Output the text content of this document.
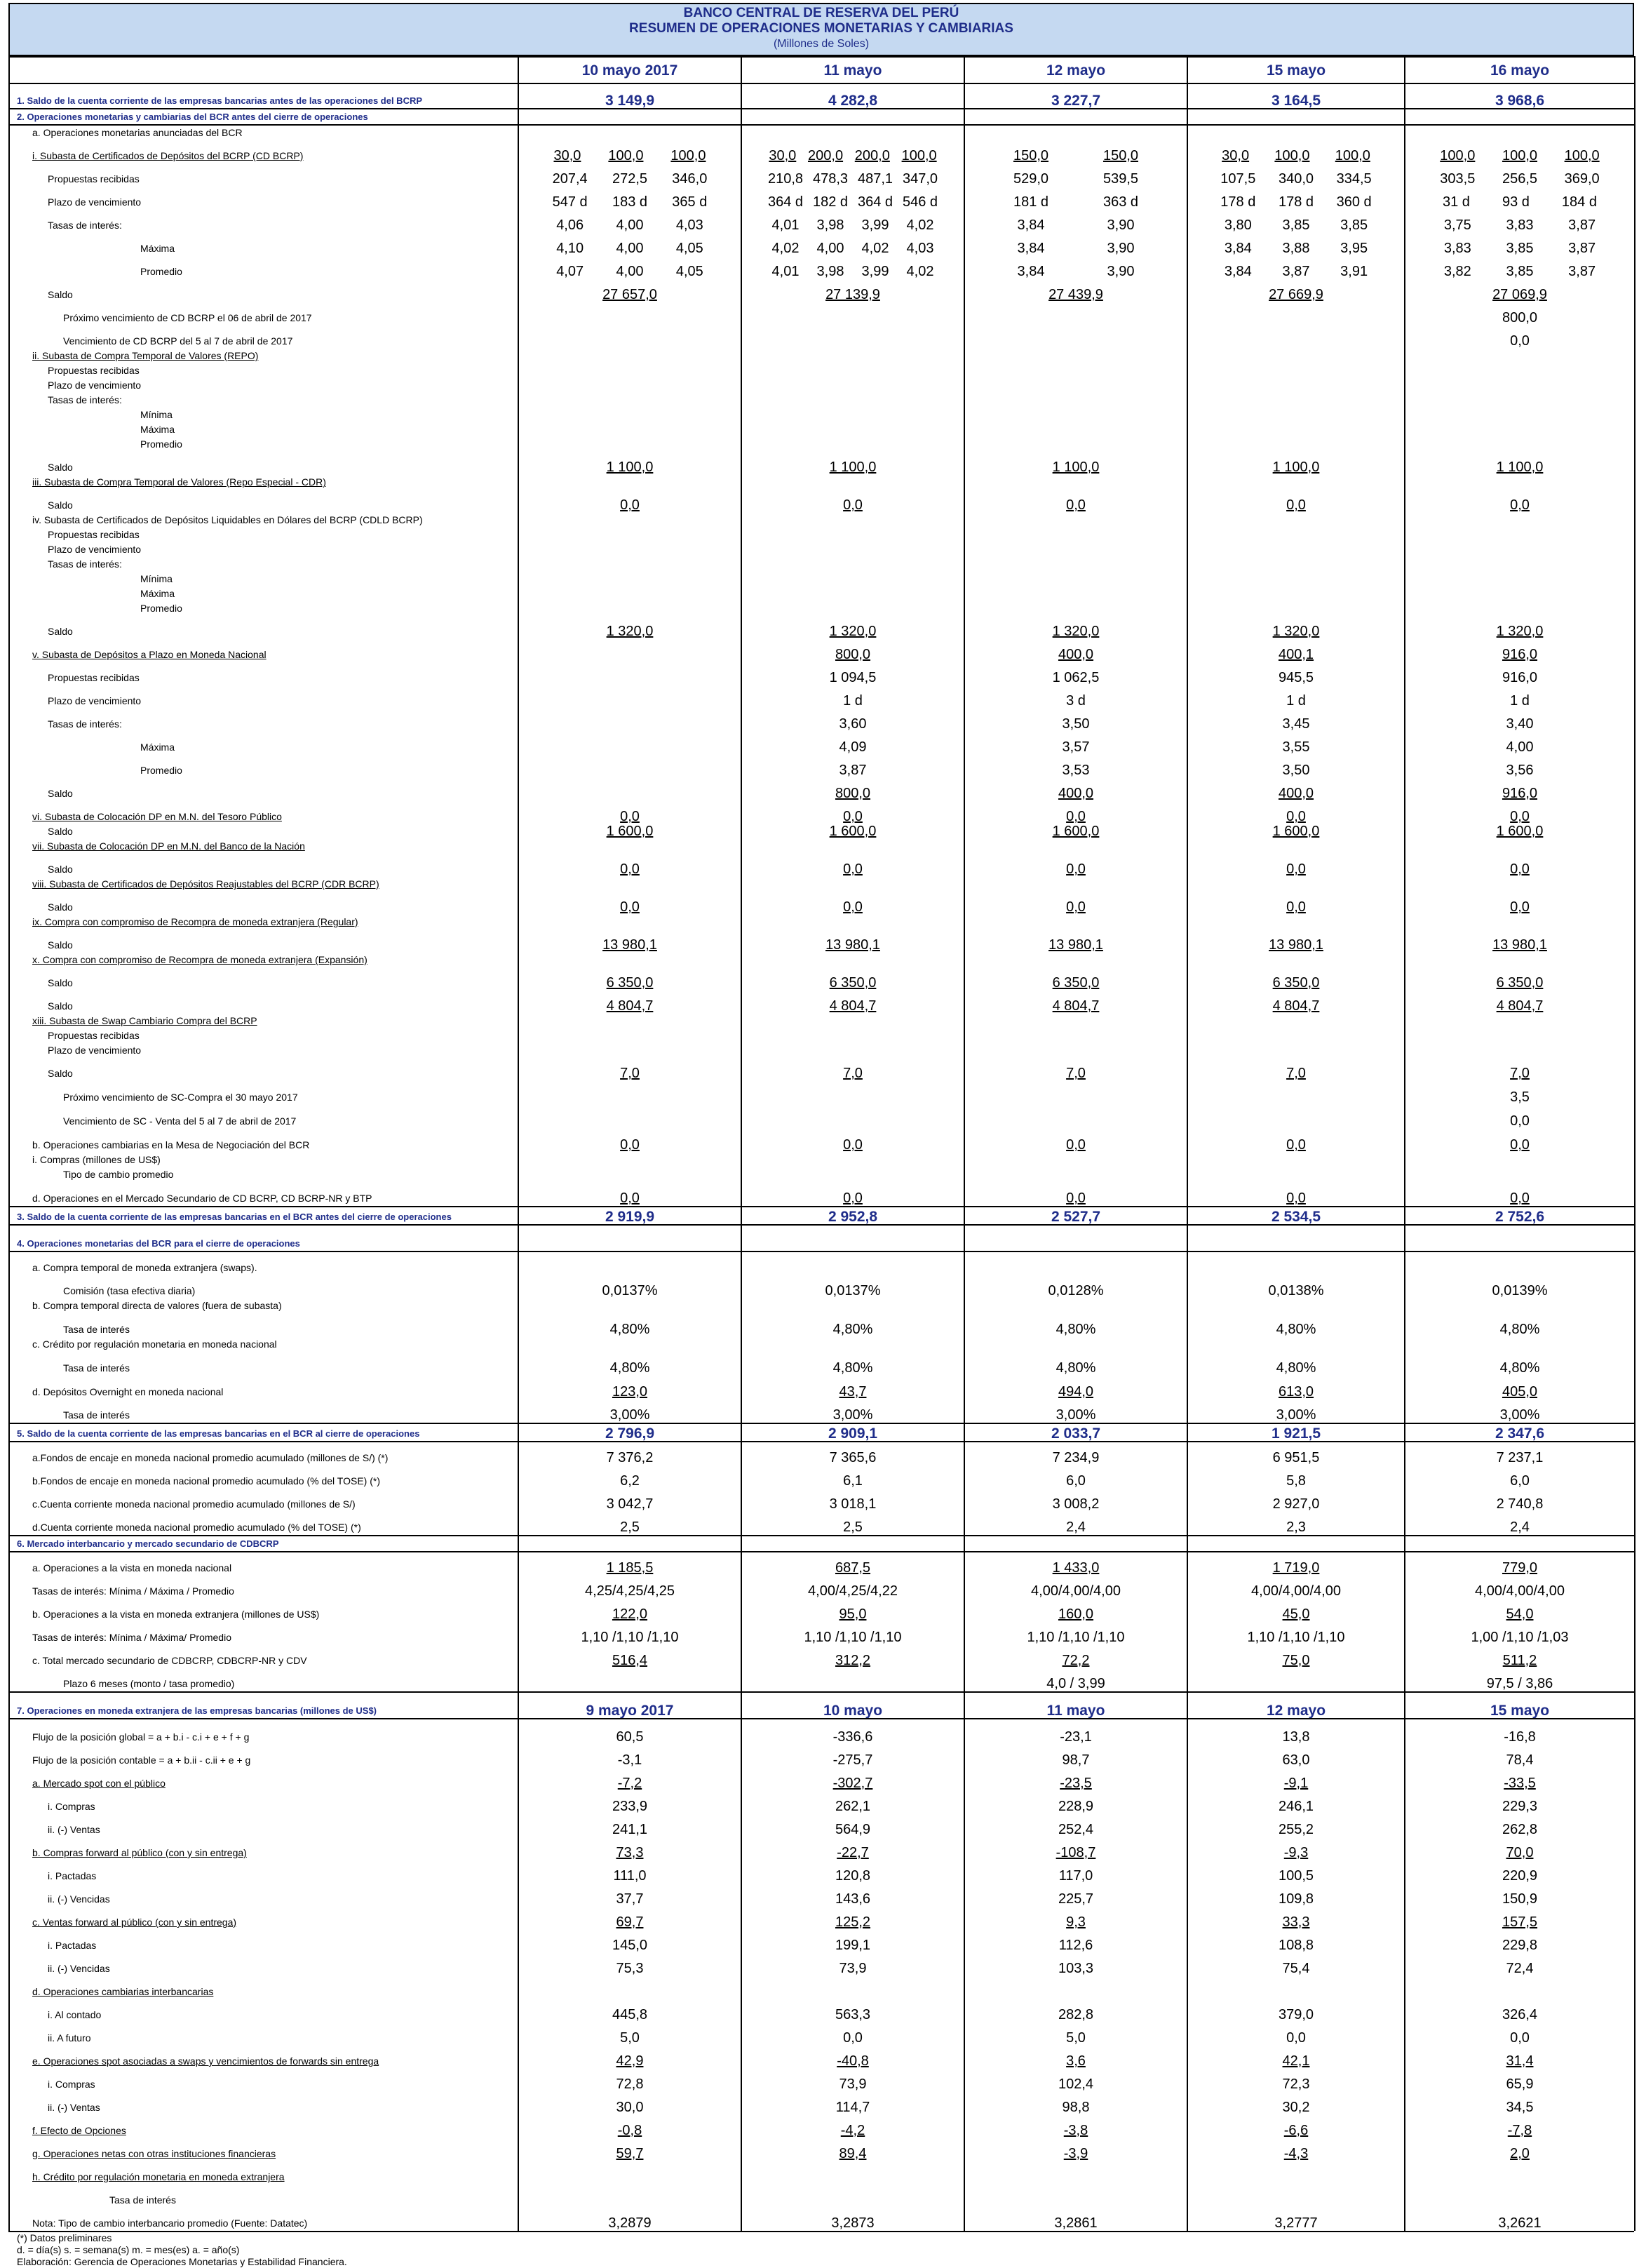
BANCO CENTRAL DE RESERVA DEL PERÚ
RESUMEN DE OPERACIONES MONETARIAS Y CAMBIARIAS
(Millones de Soles)
	10 mayo 2017	11 mayo	12 mayo	15 mayo	16 mayo
1. Saldo de la cuenta corriente de las empresas bancarias antes de las operaciones del BCRP	3 149,9	4 282,8	3 227,7	3 164,5	3 968,6
2. Operaciones monetarias y cambiarias del BCR antes del cierre de operaciones					
a. Operaciones monetarias anunciadas del BCR					
i. Subasta de Certificados de Depósitos del BCRP (CD BCRP)	30,0 100,0 100,0	30,0 200,0 200,0 100,0	150,0 150,0	30,0 100,0 100,0	100,0 100,0 100,0

Propuestas recibidas	207,4 272,5 346,0	210,8 478,3 487,1 347,0	529,0 539,5	107,5 340,0 334,5	303,5 256,5 369,0

Plazo de vencimiento	547 d 183 d 365 d	364 d 182 d 364 d 546 d	181 d 363 d	178 d 178 d 360 d	31 d 93 d 184 d

Tasas de interés:	4,06 4,00 4,03	4,01 3,98 3,99 4,02	3,84 3,90	3,80 3,85 3,85	3,75 3,83 3,87

Máxima	4,10 4,00 4,05	4,02 4,00 4,02 4,03	3,84 3,90	3,84 3,88 3,95	3,83 3,85 3,87

Promedio	4,07 4,00 4,05	4,01 3,98 3,99 4,02	3,84 3,90	3,84 3,87 3,91	3,82 3,85 3,87

Saldo	27 657,0	27 139,9	27 439,9	27 669,9	27 069,9
Próximo vencimiento de CD BCRP el 06 de abril de 2017					800,0
Vencimiento de CD BCRP del 5 al 7 de abril de 2017					0,0
ii. Subasta de Compra Temporal de Valores (REPO)					
Propuestas recibidas					
Plazo de vencimiento					
Tasas de interés:					
Mínima					
Máxima					
Promedio					
Saldo	1 100,0	1 100,0	1 100,0	1 100,0	1 100,0
iii. Subasta de Compra Temporal de Valores (Repo Especial - CDR)					
Saldo	0,0	0,0	0,0	0,0	0,0
iv. Subasta de Certificados de Depósitos Liquidables en Dólares del BCRP (CDLD BCRP)					
Propuestas recibidas					
Plazo de vencimiento					
Tasas de interés:					
Mínima					
Máxima					
Promedio					
Saldo	1 320,0	1 320,0	1 320,0	1 320,0	1 320,0
v. Subasta de Depósitos a Plazo en Moneda Nacional		800,0	400,0	400,1	916,0
Propuestas recibidas		1 094,5	1 062,5	945,5	916,0
Plazo de vencimiento		1 d	3 d	1 d	1 d
Tasas de interés:		3,60	3,50	3,45	3,40
Máxima		4,09	3,57	3,55	4,00
Promedio		3,87	3,53	3,50	3,56
Saldo		800,0	400,0	400,0	916,0
vi. Subasta de Colocación DP en M.N. del Tesoro Público	0,0	0,0	0,0	0,0	0,0
Saldo	1 600,0	1 600,0	1 600,0	1 600,0	1 600,0
vii. Subasta de Colocación DP en M.N. del Banco de la Nación					
Saldo	0,0	0,0	0,0	0,0	0,0
viii. Subasta de Certificados de Depósitos Reajustables del BCRP (CDR BCRP)					
Saldo	0,0	0,0	0,0	0,0	0,0
ix. Compra con compromiso de Recompra de moneda extranjera (Regular)					
Saldo	13 980,1	13 980,1	13 980,1	13 980,1	13 980,1
x. Compra con compromiso de Recompra de moneda extranjera (Expansión)					
Saldo	6 350,0	6 350,0	6 350,0	6 350,0	6 350,0
Saldo	4 804,7	4 804,7	4 804,7	4 804,7	4 804,7
xiii. Subasta de Swap Cambiario Compra del BCRP					
Propuestas recibidas					
Plazo de vencimiento					
Saldo	7,0	7,0	7,0	7,0	7,0
Próximo vencimiento de SC-Compra el 30 mayo 2017					3,5
Vencimiento de SC - Venta del 5 al 7 de abril de 2017					0,0
b. Operaciones cambiarias en la Mesa de Negociación del BCR	0,0	0,0	0,0	0,0	0,0
i. Compras (millones de US$)					
Tipo de cambio promedio					
d. Operaciones en el Mercado Secundario de CD BCRP, CD BCRP-NR y BTP	0,0	0,0	0,0	0,0	0,0
3. Saldo de la cuenta corriente de las empresas bancarias en el BCR antes del cierre de operaciones	2 919,9	2 952,8	2 527,7	2 534,5	2 752,6
4. Operaciones monetarias del BCR para el cierre de operaciones					
a. Compra temporal de moneda extranjera (swaps).					
Comisión (tasa efectiva diaria)	0,0137%	0,0137%	0,0128%	0,0138%	0,0139%
b. Compra temporal directa de valores (fuera de subasta)					
Tasa de interés	4,80%	4,80%	4,80%	4,80%	4,80%
c. Crédito por regulación monetaria en moneda nacional					
Tasa de interés	4,80%	4,80%	4,80%	4,80%	4,80%
d. Depósitos Overnight en moneda nacional	123,0	43,7	494,0	613,0	405,0
Tasa de interés	3,00%	3,00%	3,00%	3,00%	3,00%
5. Saldo de la cuenta corriente de las empresas bancarias en el BCR al cierre de operaciones	2 796,9	2 909,1	2 033,7	1 921,5	2 347,6
a.Fondos de encaje en moneda nacional promedio acumulado (millones de S/) (*)	7 376,2	7 365,6	7 234,9	6 951,5	7 237,1
b.Fondos de encaje en moneda nacional promedio acumulado (% del TOSE) (*)	6,2	6,1	6,0	5,8	6,0
c.Cuenta corriente moneda nacional promedio acumulado (millones de S/)	3 042,7	3 018,1	3 008,2	2 927,0	2 740,8
d.Cuenta corriente moneda nacional promedio acumulado (% del TOSE) (*)	2,5	2,5	2,4	2,3	2,4
6. Mercado interbancario y mercado secundario de CDBCRP					
a. Operaciones a la vista en moneda nacional	1 185,5	687,5	1 433,0	1 719,0	779,0
Tasas de interés: Mínima / Máxima / Promedio	4,25/4,25/4,25	4,00/4,25/4,22	4,00/4,00/4,00	4,00/4,00/4,00	4,00/4,00/4,00
b. Operaciones a la vista en moneda extranjera (millones de US$)	122,0	95,0	160,0	45,0	54,0
Tasas de interés: Mínima / Máxima/ Promedio	1,10 /1,10 /1,10	1,10 /1,10 /1,10	1,10 /1,10 /1,10	1,10 /1,10 /1,10	1,00 /1,10 /1,03
c. Total mercado secundario de CDBCRP, CDBCRP-NR y CDV	516,4	312,2	72,2	75,0	511,2
Plazo 6 meses (monto / tasa promedio)			4,0 / 3,99		97,5 / 3,86
7. Operaciones en moneda extranjera de las empresas bancarias (millones de US$)	9 mayo 2017	10 mayo	11 mayo	12 mayo	15 mayo
Flujo de la posición global = a + b.i - c.i + e + f + g	60,5	-336,6	-23,1	13,8	-16,8
Flujo de la posición contable = a + b.ii - c.ii + e + g	-3,1	-275,7	98,7	63,0	78,4
a. Mercado spot con el público	-7,2	-302,7	-23,5	-9,1	-33,5
i. Compras	233,9	262,1	228,9	246,1	229,3
ii. (-) Ventas	241,1	564,9	252,4	255,2	262,8
b. Compras forward al público (con y sin entrega)	73,3	-22,7	-108,7	-9,3	70,0
i. Pactadas	111,0	120,8	117,0	100,5	220,9
ii. (-) Vencidas	37,7	143,6	225,7	109,8	150,9
c. Ventas forward al público (con y sin entrega)	69,7	125,2	9,3	33,3	157,5
i. Pactadas	145,0	199,1	112,6	108,8	229,8
ii. (-) Vencidas	75,3	73,9	103,3	75,4	72,4
d. Operaciones cambiarias interbancarias					
i. Al contado	445,8	563,3	282,8	379,0	326,4
ii. A futuro	5,0	0,0	5,0	0,0	0,0
e. Operaciones spot asociadas a swaps y vencimientos de forwards sin entrega	42,9	-40,8	3,6	42,1	31,4
i. Compras	72,8	73,9	102,4	72,3	65,9
ii. (-) Ventas	30,0	114,7	98,8	30,2	34,5
f. Efecto de Opciones	-0,8	-4,2	-3,8	-6,6	-7,8
g. Operaciones netas con otras instituciones financieras	59,7	89,4	-3,9	-4,3	2,0
h. Crédito por regulación monetaria en moneda extranjera					
Tasa de interés					
Nota: Tipo de cambio interbancario promedio (Fuente: Datatec)	3,2879	3,2873	3,2861	3,2777	3,2621
(*) Datos preliminares
d. = día(s) s. = semana(s) m. = mes(es) a. = año(s)
Elaboración: Gerencia de Operaciones Monetarias y Estabilidad Financiera.
